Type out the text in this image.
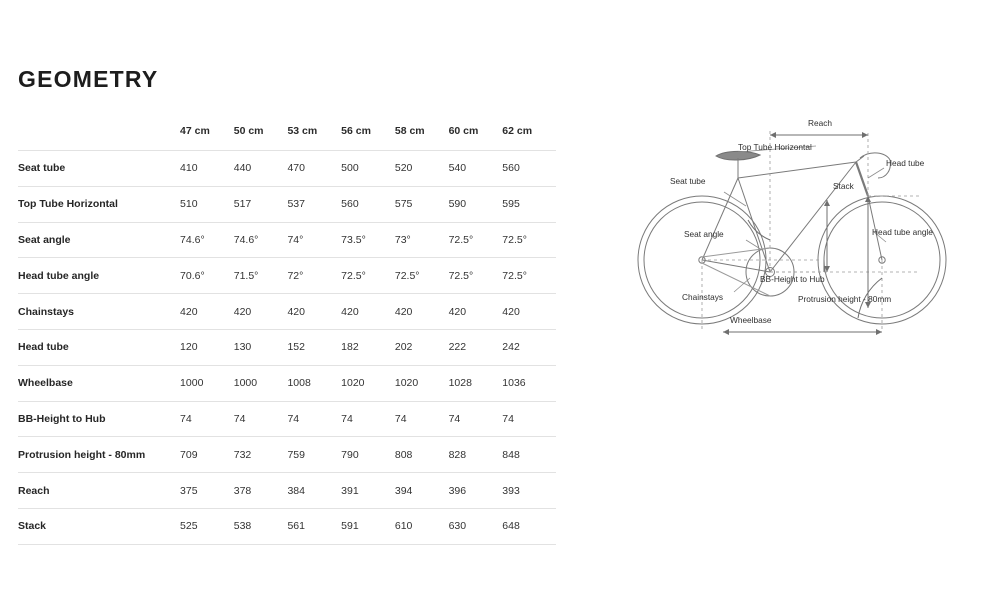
GEOMETRY
	47 cm	50 cm	53 cm	56 cm	58 cm	60 cm	62 cm
Seat tube	410	440	470	500	520	540	560
Top Tube Horizontal	510	517	537	560	575	590	595
Seat angle	74.6°	74.6°	74°	73.5°	73°	72.5°	72.5°
Head tube angle	70.6°	71.5°	72°	72.5°	72.5°	72.5°	72.5°
Chainstays	420	420	420	420	420	420	420
Head tube	120	130	152	182	202	222	242
Wheelbase	1000	1000	1008	1020	1020	1028	1036
BB-Height to Hub	74	74	74	74	74	74	74
Protrusion height - 80mm	709	732	759	790	808	828	848
Reach	375	378	384	391	394	396	393
Stack	525	538	561	591	610	630	648
Reach
Top Tube Horizontal
Head tube
Seat tube	Stack
Seat angle	Head tube angle
BB-Height to Hub
Chainstays	Protrusion height - 80mm
Wheelbase
